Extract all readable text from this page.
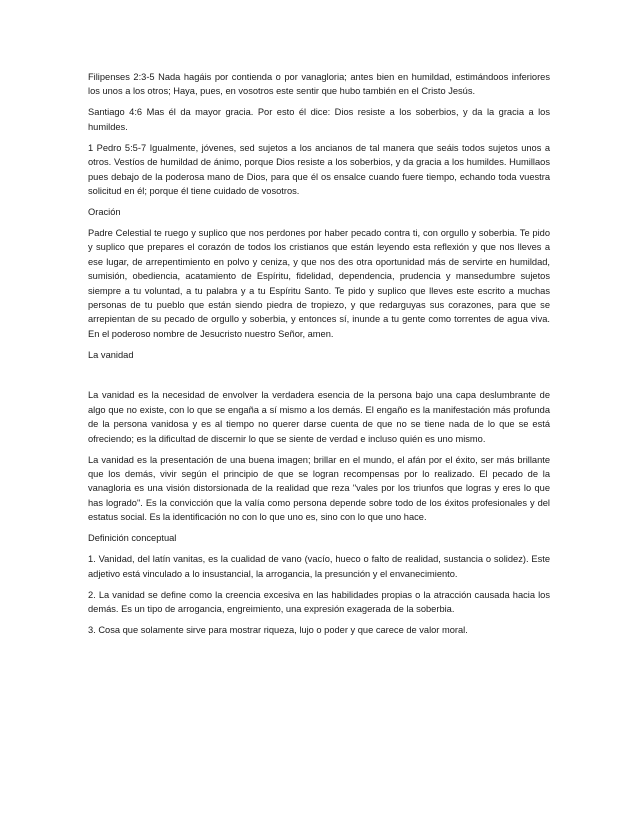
Filipenses 2:3-5 Nada hagáis por contienda o por vanagloria; antes bien en humildad, estimándoos inferiores los unos a los otros; Haya, pues, en vosotros este sentir que hubo también en el Cristo Jesús.

Santiago 4:6 Mas él da mayor gracia. Por esto él dice: Dios resiste a los soberbios, y da la gracia a los humildes.

1 Pedro 5:5-7 Igualmente, jóvenes, sed sujetos a los ancianos de tal manera que seáis todos sujetos unos a otros. Vestíos de humildad de ánimo, porque Dios resiste a los soberbios, y da gracia a los humildes. Humillaos pues debajo de la poderosa mano de Dios, para que él os ensalce cuando fuere tiempo, echando toda vuestra solicitud en él; porque él tiene cuidado de vosotros.

Oración

Padre Celestial te ruego y suplico que nos perdones por haber pecado contra ti, con orgullo y soberbia. Te pido y suplico que prepares el corazón de todos los cristianos que están leyendo esta reflexión y que nos lleves a ese lugar, de arrepentimiento en polvo y ceniza, y que nos des otra oportunidad más de servirte en humildad, sumisión, obediencia, acatamiento de Espíritu, fidelidad, dependencia, prudencia y mansedumbre sujetos siempre a tu voluntad, a tu palabra y a tu Espíritu Santo. Te pido y suplico que lleves este escrito a muchas personas de tu pueblo que están siendo piedra de tropiezo, y que redarguyas sus corazones, para que se arrepientan de su pecado de orgullo y soberbia, y entonces sí, inunde a tu gente como torrentes de agua viva. En el poderoso nombre de Jesucristo nuestro Señor, amen.

La vanidad

La vanidad es la necesidad de envolver la verdadera esencia de la persona bajo una capa deslumbrante de algo que no existe, con lo que se engaña a sí mismo a los demás. El engaño es la manifestación más profunda de la persona vanidosa y es al tiempo no querer darse cuenta de que no se tiene nada de lo que se está ofreciendo; es la dificultad de discernir lo que se siente de verdad e incluso quién es uno mismo.

La vanidad es la presentación de una buena imagen; brillar en el mundo, el afán por el éxito, ser más brillante que los demás, vivir según el principio de que se logran recompensas por lo realizado. El pecado de la vanagloria es una visión distorsionada de la realidad que reza "vales por los triunfos que logras y eres lo que has logrado". Es la convicción que la valía como persona depende sobre todo de los éxitos profesionales y del estatus social. Es la identificación no con lo que uno es, sino con lo que uno hace.

Definición conceptual

1. Vanidad, del latín vanitas, es la cualidad de vano (vacío, hueco o falto de realidad, sustancia o solidez). Este adjetivo está vinculado a lo insustancial, la arrogancia, la presunción y el envanecimiento.

2. La vanidad se define como la creencia excesiva en las habilidades propias o la atracción causada hacia los demás. Es un tipo de arrogancia, engreimiento, una expresión exagerada de la soberbia.

3. Cosa que solamente sirve para mostrar riqueza, lujo o poder y que carece de valor moral.
